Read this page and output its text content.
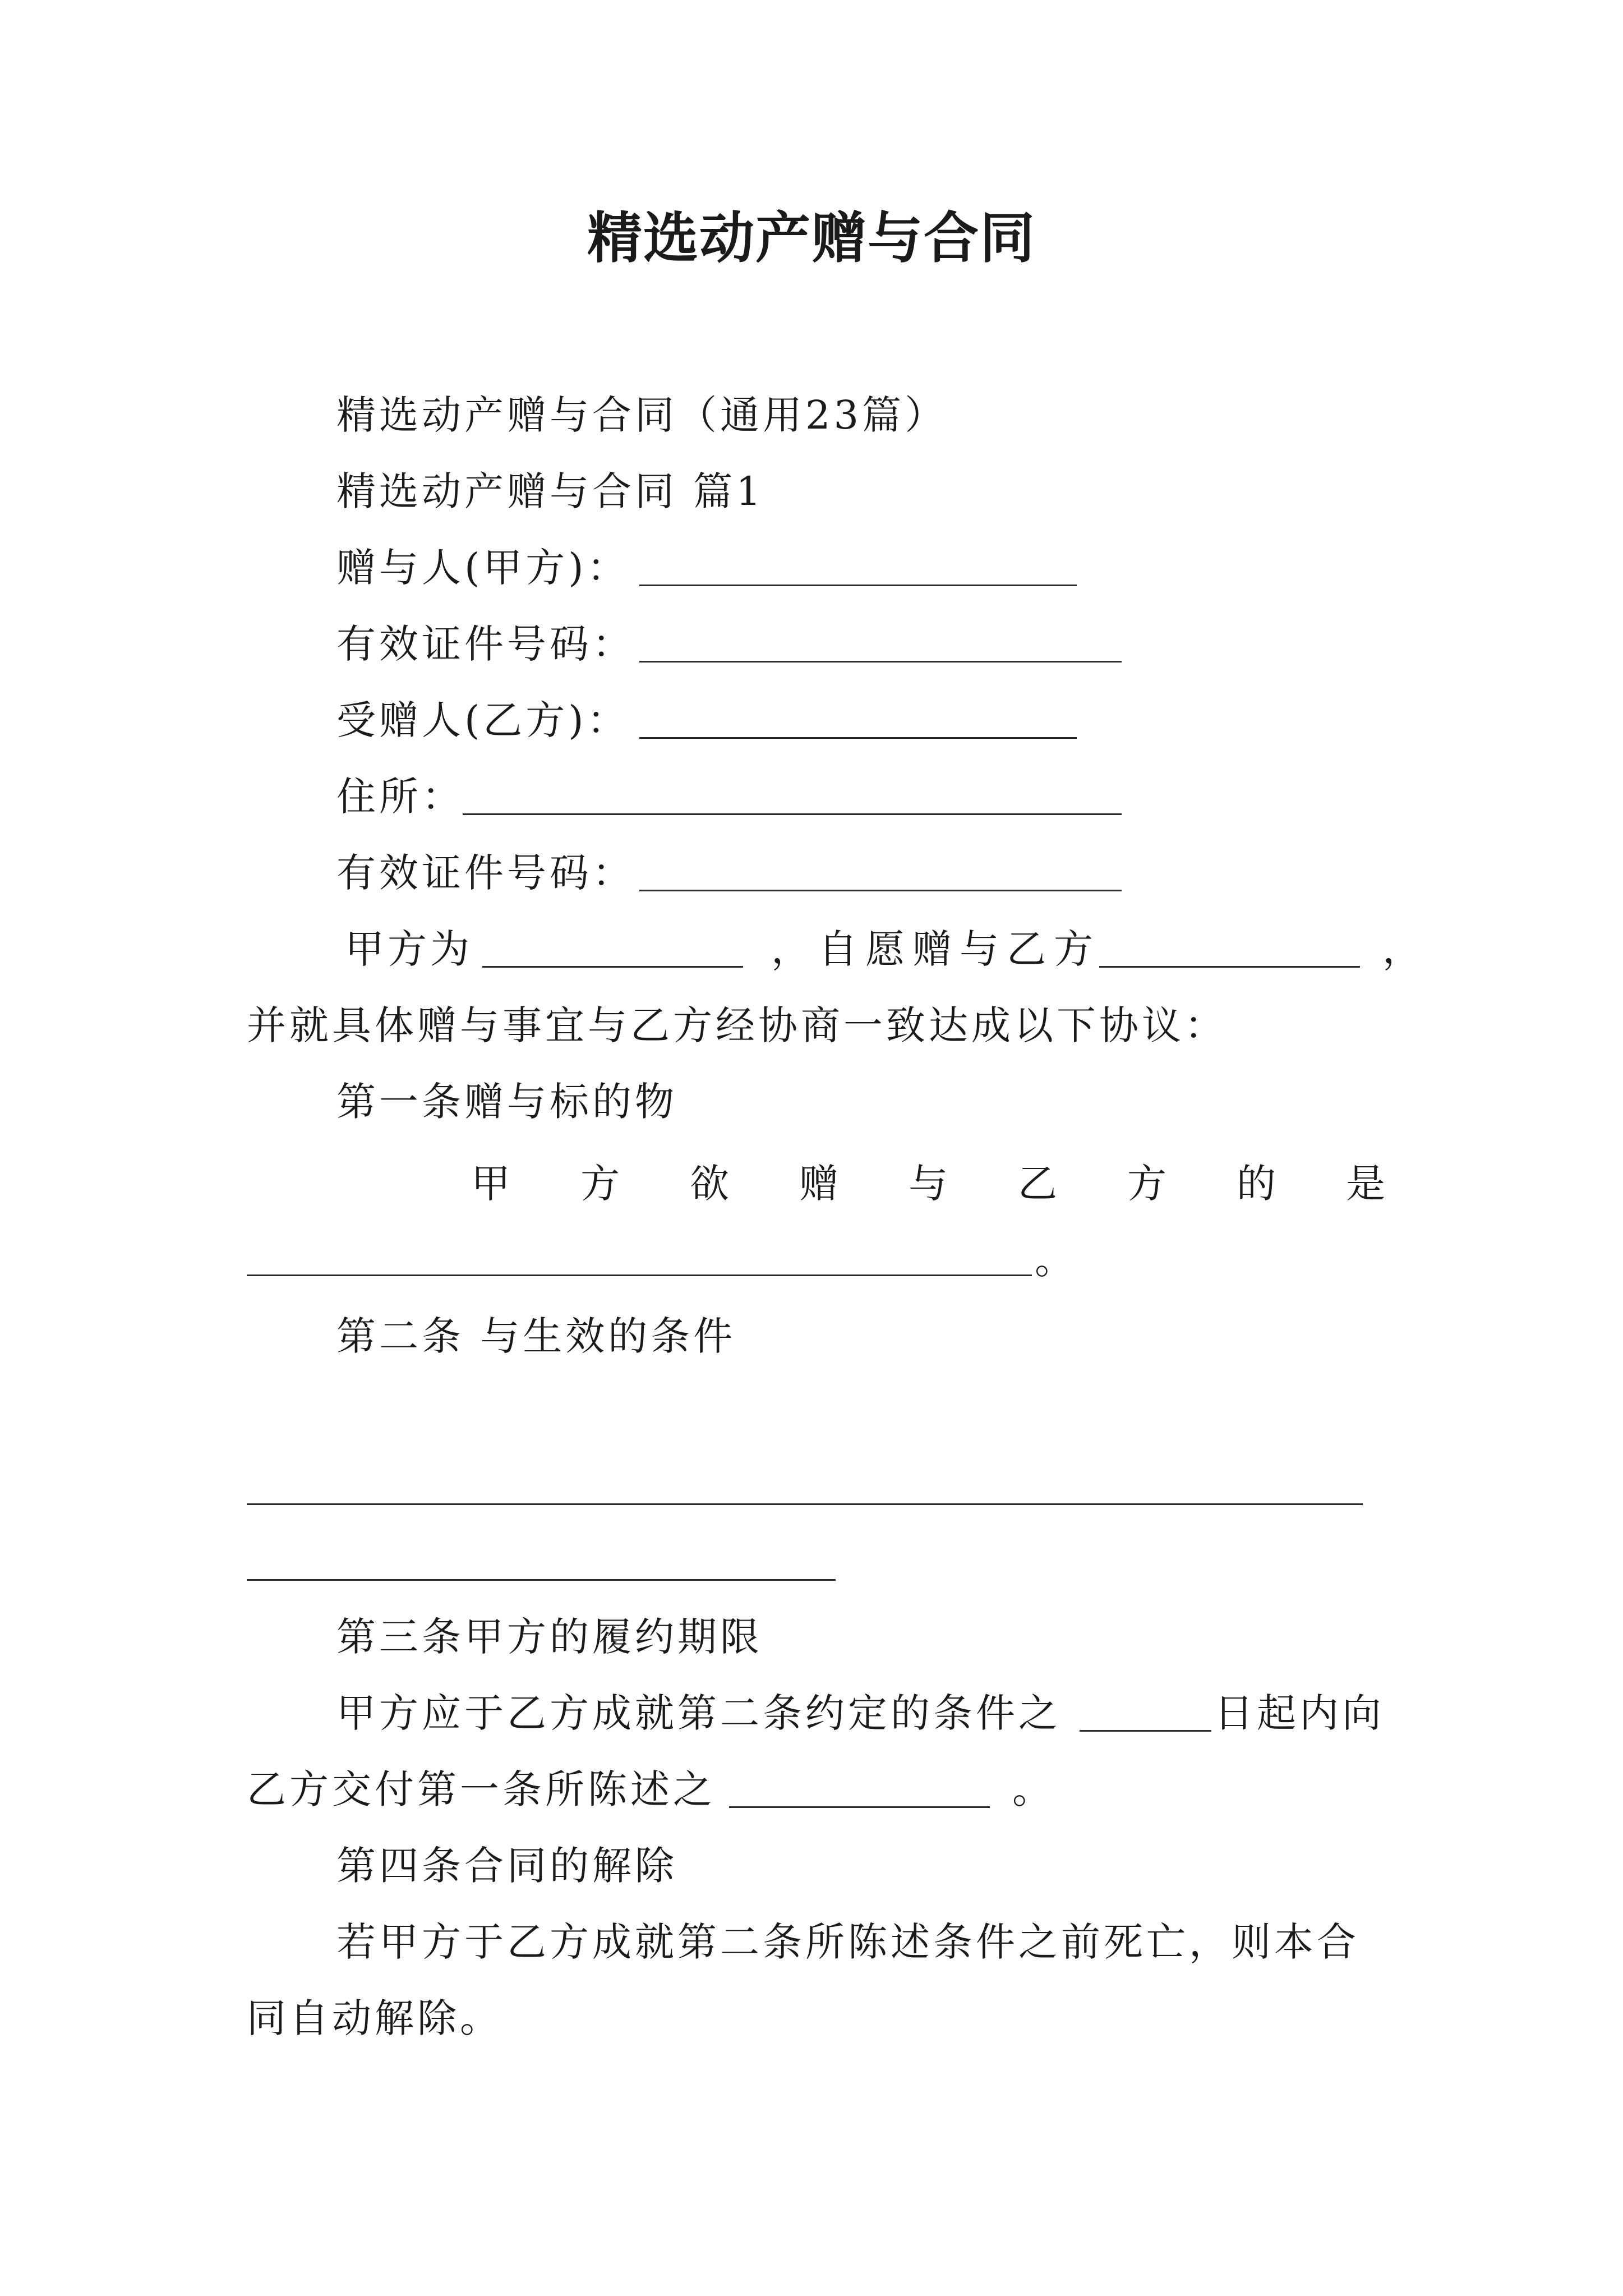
精选动产赠与合同
精选动产赠与合同（通用23篇）
精选动产赠与合同 篇1
赠与人(甲方)：
有效证件号码：
受赠人(乙方)：
住所：
有效证件号码：
甲方为	，自愿赠与乙方	，
并就具体赠与事宜与乙方经协商一致达成以下协议：
第一条赠与标的物
甲 方 欲 赠 与 乙 方 的 是
。
第二条 与生效的条件
第三条甲方的履约期限
甲方应于乙方成就第二条约定的条件之	日起内向
乙方交付第一条所陈述之	。
第四条合同的解除
若甲方于乙方成就第二条所陈述条件之前死亡，则本合
同自动解除。
